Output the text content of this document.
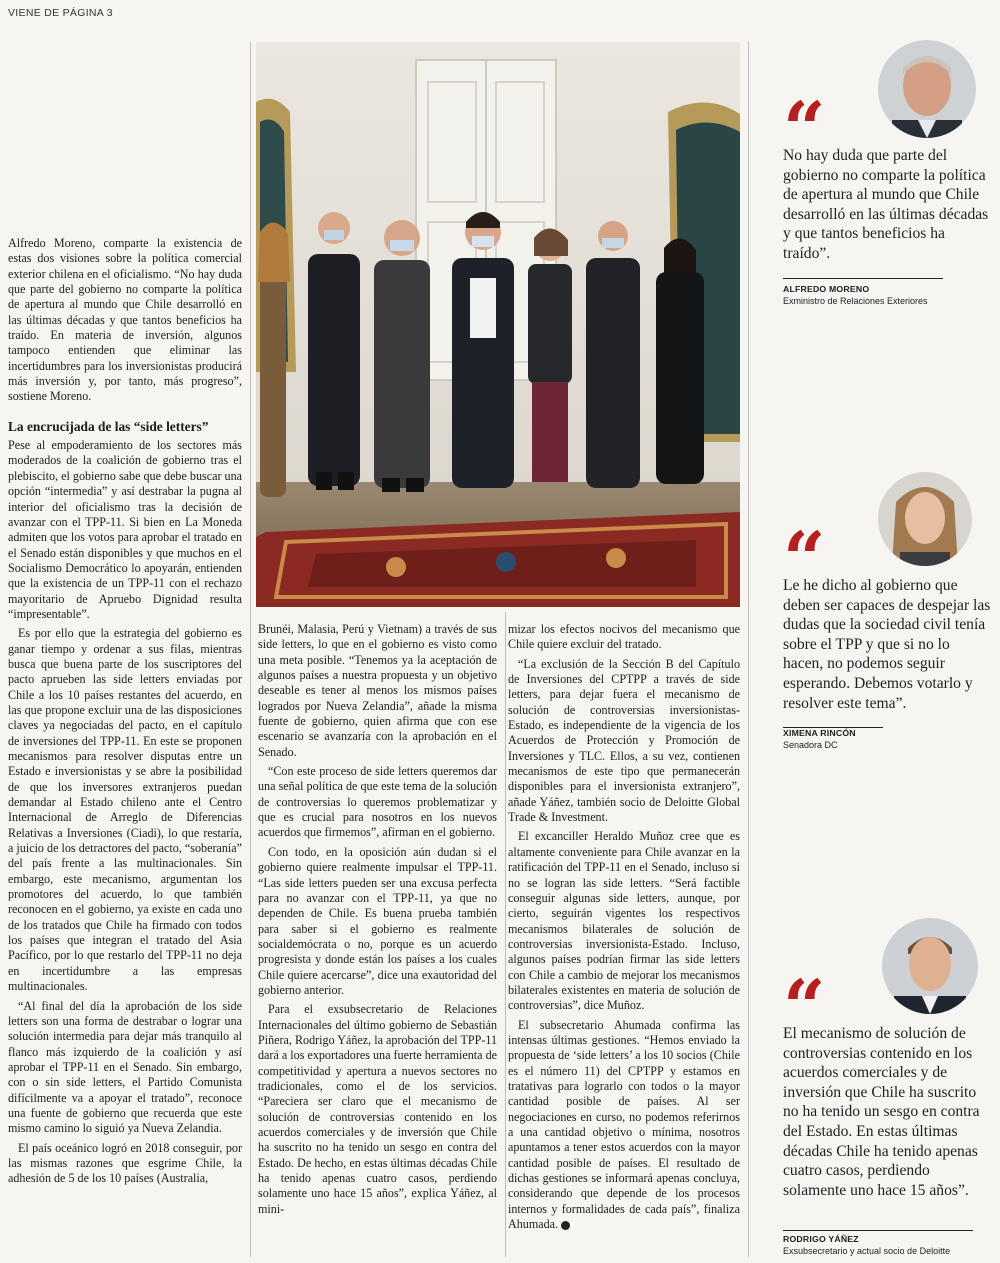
VIENE DE PÁGINA 3

Alfredo Moreno, comparte la existencia de estas dos visiones sobre la política comercial exterior chilena en el oficialismo. “No hay duda que parte del gobierno no comparte la política de apertura al mundo que Chile desarrolló en las últimas décadas y que tantos beneficios ha traído. En materia de inversión, algunos tampoco entienden que eliminar las incertidumbres para los inversionistas producirá más inversión y, por tanto, más progreso”, sostiene Moreno.

La encrucijada de las “side letters”

Pese al empoderamiento de los sectores más moderados de la coalición de gobierno tras el plebiscito, el gobierno sabe que debe buscar una opción “intermedia” y así destrabar la pugna al interior del oficialismo tras la decisión de avanzar con el TPP-11. Si bien en La Moneda admiten que los votos para aprobar el tratado en el Senado están disponibles y que muchos en el Socialismo Democrático lo apoyarán, entienden que la existencia de un TPP-11 con el rechazo mayoritario de Apruebo Dignidad resulta “impresentable”.

Es por ello que la estrategia del gobierno es ganar tiempo y ordenar a sus filas, mientras busca que buena parte de los suscriptores del pacto aprueben las side letters enviadas por Chile a los 10 países restantes del acuerdo, en las que propone excluir una de las disposiciones claves ya negociadas del pacto, en el capítulo de inversiones del TPP-11. En este se proponen mecanismos para resolver disputas entre un Estado e inversionistas y se abre la posibilidad de que los inversores extranjeros puedan demandar al Estado chileno ante el Centro Internacional de Arreglo de Diferencias Relativas a Inversiones (Ciadi), lo que restaría, a juicio de los detractores del pacto, “soberanía” del país frente a las multinacionales. Sin embargo, este mecanismo, argumentan los promotores del acuerdo, lo que también reconocen en el gobierno, ya existe en cada uno de los tratados que Chile ha firmado con todos los países que integran el tratado del Asia Pacífico, por lo que restarlo del TPP-11 no deja en incertidumbre a las empresas multinacionales.

“Al final del día la aprobación de los side letters son una forma de destrabar o lograr una solución intermedia para dejar más tranquilo al flanco más izquierdo de la coalición y así aprobar el TPP-11 en el Senado. Sin embargo, con o sin side letters, el Partido Comunista difícilmente va a apoyar el tratado”, reconoce una fuente de gobierno que recuerda que este mismo camino lo siguió ya Nueva Zelandia.

El país oceánico logró en 2018 conseguir, por las mismas razones que esgrime Chile, la adhesión de 5 de los 10 países (Australia,

Brunéi, Malasia, Perú y Vietnam) a través de sus side letters, lo que en el gobierno es visto como una meta posible. “Tenemos ya la aceptación de algunos países a nuestra propuesta y un objetivo deseable es tener al menos los mismos países logrados por Nueva Zelandia”, añade la misma fuente de gobierno, quien afirma que con ese escenario se avanzaría con la aprobación en el Senado.

“Con este proceso de side letters queremos dar una señal política de que este tema de la solución de controversias lo queremos problematizar y que es crucial para nosotros en los nuevos acuerdos que firmemos”, afirman en el gobierno.

Con todo, en la oposición aún dudan si el gobierno quiere realmente impulsar el TPP-11. “Las side letters pueden ser una excusa perfecta para no avanzar con el TPP-11, ya que no dependen de Chile. Es buena prueba también para saber si el gobierno es realmente socialdemócrata o no, porque es un acuerdo progresista y donde están los países a los cuales Chile quiere acercarse”, dice una exautoridad del gobierno anterior.

Para el exsubsecretario de Relaciones Internacionales del último gobierno de Sebastián Piñera, Rodrigo Yáñez, la aprobación del TPP-11 dará a los exportadores una fuerte herramienta de competitividad y apertura a nuevos sectores no tradicionales, como el de los servicios. “Pareciera ser claro que el mecanismo de solución de controversias contenido en los acuerdos comerciales y de inversión que Chile ha suscrito no ha tenido un sesgo en contra del Estado. De hecho, en estas últimas décadas Chile ha tenido apenas cuatro casos, perdiendo solamente uno hace 15 años”, explica Yáñez, al mini-

mizar los efectos nocivos del mecanismo que Chile quiere excluir del tratado.

“La exclusión de la Sección B del Capítulo de Inversiones del CPTPP a través de side letters, para dejar fuera el mecanismo de solución de controversias inversionistas-Estado, es independiente de la vigencia de los Acuerdos de Protección y Promoción de Inversiones y TLC. Ellos, a su vez, contienen mecanismos de este tipo que permanecerán disponibles para el inversionista extranjero”, añade Yáñez, también socio de Deloitte Global Trade & Investment.

El excanciller Heraldo Muñoz cree que es altamente conveniente para Chile avanzar en la ratificación del TPP-11 en el Senado, incluso si no se logran las side letters. “Será factible conseguir algunas side letters, aunque, por cierto, seguirán vigentes los respectivos mecanismos bilaterales de solución de controversias inversionista-Estado. Incluso, algunos países podrían firmar las side letters con Chile a cambio de mejorar los mecanismos bilaterales existentes en materia de solución de controversias”, dice Muñoz.

El subsecretario Ahumada confirma las intensas últimas gestiones. “Hemos enviado la propuesta de ‘side letters’ a los 10 socios (Chile es el número 11) del CPTPP y estamos en tratativas para lograrlo con todos o la mayor cantidad posible de países. Al ser negociaciones en curso, no podemos referirnos a una cantidad objetivo o mínima, nosotros apuntamos a tener estos acuerdos con la mayor cantidad posible de países. El resultado de dichas gestiones se informará apenas concluya, considerando que depende de los procesos internos y formalidades de cada país”, finaliza Ahumada. P

“
No hay duda que parte del gobierno no comparte la política de apertura al mundo que Chile desarrolló en las últimas décadas y que tantos beneficios ha traído”.
ALFREDO MORENO
Exministro de Relaciones Exteriores
“
Le he dicho al gobierno que deben ser capaces de despejar las dudas que la sociedad civil tenía sobre el TPP y que si no lo hacen, no podemos seguir esperando. Debemos votarlo y resolver este tema”.
XIMENA RINCÓN
Senadora DC
“
El mecanismo de solución de controversias contenido en los acuerdos comerciales y de inversión que Chile ha suscrito no ha tenido un sesgo en contra del Estado. En estas últimas décadas Chile ha tenido apenas cuatro casos, perdiendo solamente uno hace 15 años”.
RODRIGO YÁÑEZ
Exsubsecretario y actual socio de Deloitte
